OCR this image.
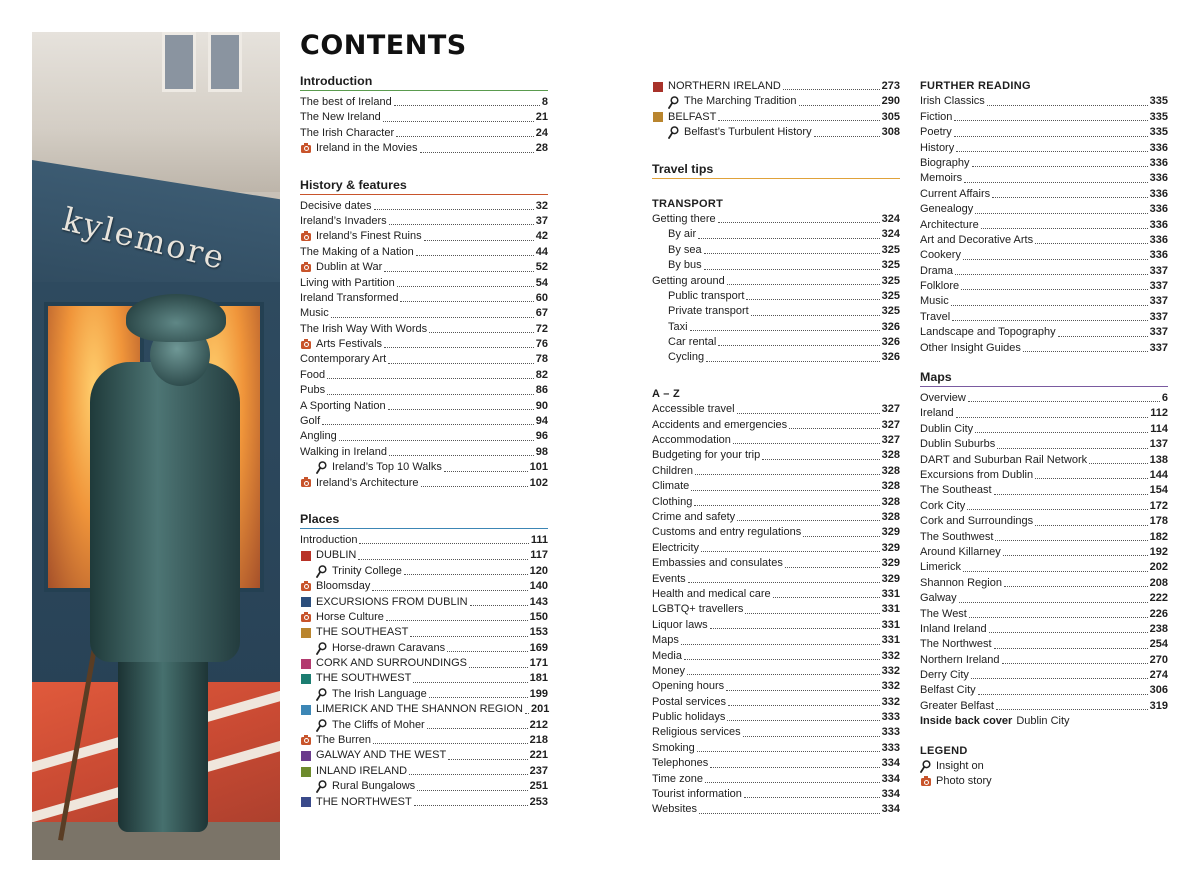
kylemore
CONTENTS
Introduction
The best of Ireland	8
The New Ireland	21
The Irish Character	24
Ireland in the Movies	28
History & features
Decisive dates	32
Ireland’s Invaders	37
Ireland’s Finest Ruins	42
The Making of a Nation	44
Dublin at War	52
Living with Partition	54
Ireland Transformed	60
Music	67
The Irish Way With Words	72
Arts Festivals	76
Contemporary Art	78
Food	82
Pubs	86
A Sporting Nation	90
Golf	94
Angling	96
Walking in Ireland	98
Ireland’s Top 10 Walks	101
Ireland’s Architecture	102
Places
Introduction	111
DUBLIN	117
Trinity College	120
Bloomsday	140
EXCURSIONS FROM DUBLIN	143
Horse Culture	150
THE SOUTHEAST	153
Horse-drawn Caravans	169
CORK AND SURROUNDINGS	171
THE SOUTHWEST	181
The Irish Language	199
LIMERICK AND THE SHANNON REGION 201
The Cliffs of Moher	212
The Burren	218
GALWAY AND THE WEST	221
INLAND IRELAND	237
Rural Bungalows	251
THE NORTHWEST	253
NORTHERN IRELAND	273
The Marching Tradition	290
BELFAST	305
Belfast’s Turbulent History	308
Travel tips
TRANSPORT
Getting there	324
By air	324
By sea	325
By bus	325
Getting around	325
Public transport	325
Private transport	325
Taxi	326
Car rental	326
Cycling	326
A – Z
Accessible travel	327
Accidents and emergencies	327
Accommodation	327
Budgeting for your trip	328
Children	328
Climate	328
Clothing	328
Crime and safety	328
Customs and entry regulations	329
Electricity	329
Embassies and consulates	329
Events	329
Health and medical care	331
LGBTQ+ travellers	331
Liquor laws	331
Maps	331
Media	332
Money	332
Opening hours	332
Postal services	332
Public holidays	333
Religious services	333
Smoking	333
Telephones	334
Time zone	334
Tourist information	334
Websites	334
FURTHER READING
Irish Classics	335
Fiction	335
Poetry	335
History	336
Biography	336
Memoirs	336
Current Affairs	336
Genealogy	336
Architecture	336
Art and Decorative Arts	336
Cookery	336
Drama	337
Folklore	337
Music	337
Travel	337
Landscape and Topography	337
Other Insight Guides	337
Maps
Overview	6
Ireland	112
Dublin City	114
Dublin Suburbs	137
DART and Suburban Rail Network	138
Excursions from Dublin	144
The Southeast	154
Cork City	172
Cork and Surroundings	178
The Southwest	182
Around Killarney	192
Limerick	202
Shannon Region	208
Galway	222
The West	226
Inland Ireland	238
The Northwest	254
Northern Ireland	270
Derry City	274
Belfast City	306
Greater Belfast	319
Inside back cover Dublin City
LEGEND
Insight on
Photo story
